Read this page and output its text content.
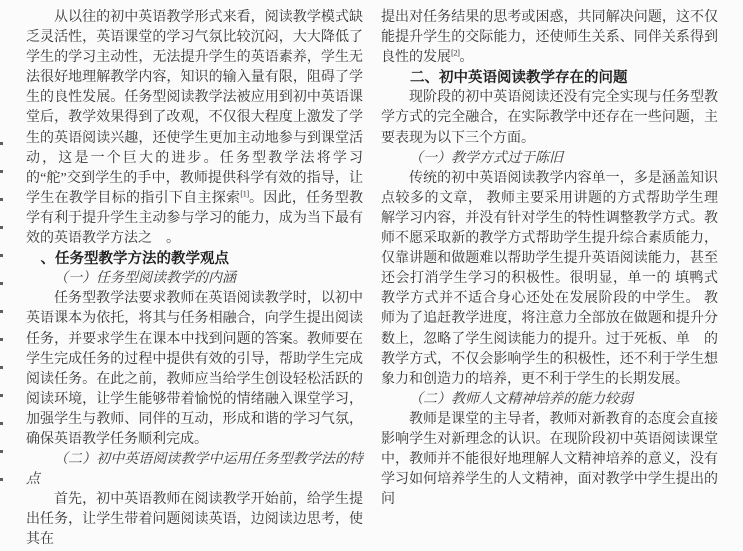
从以往的初中英语教学形式来看，阅读教学模式缺乏灵活性，英语课堂的学习气氛比较沉闷，大大降低了学生的学习主动性，无法提升学生的英语素养，学生无法很好地理解教学内容，知识的输入量有限，阻碍了学生的良性发展。任务型阅读教学法被应用到初中英语课堂后，教学效果得到了改观，不仅很大程度上激发了学生的英语阅读兴趣，还使学生更加主动地参与到课堂活动，这是一个巨大的进步。任务型教学法将学习的“舵”交到学生的手中，教师提供科学有效的指导，让学生在教学目标的指引下自主探索[1]。因此，任务型教学有利于提升学生主动参与学习的能力，成为当下最有效的英语教学方法之　。

、任务型教学方法的教学观点

（一）任务型阅读教学的内涵

任务型教学法要求教师在英语阅读教学时，以初中英语课本为依托，将其与任务相融合，向学生提出阅读任务，并要求学生在课本中找到问题的答案。教师要在学生完成任务的过程中提供有效的引导，帮助学生完成阅读任务。在此之前，教师应当给学生创设轻松活跃的阅读环境，让学生能够带着愉悦的情绪融入课堂学习，加强学生与教师、同伴的互动，形成和谐的学习气氛，确保英语教学任务顺利完成。

（二）初中英语阅读教学中运用任务型教学法的特点

首先，初中英语教师在阅读教学开始前，给学生提出任务，让学生带着问题阅读英语，边阅读边思考，使其在

提出对任务结果的思考或困惑，共同解决问题，这不仅能提升学生的交际能力，还使师生关系、同伴关系得到良性的发展[2]。

二、初中英语阅读教学存在的问题

现阶段的初中英语阅读还没有完全实现与任务型教学方式的完全融合，在实际教学中还存在一些问题，主要表现为以下三个方面。

（一）教学方式过于陈旧

传统的初中英语阅读教学内容单一，多是涵盖知识点较多的文章， 教师主要采用讲题的方式帮助学生理解学习内容，并没有针对学生的特性调整教学方式。教师不愿采取新的教学方式帮助学生提升综合素质能力，仅靠讲题和做题难以帮助学生提升英语阅读能力，甚至还会打消学生学习的积极性。很明显，单一的 填鸭式 教学方式并不适合身心还处在发展阶段的中学生。 教师为了追赶教学进度，将注意力全部放在做题和提升分数上，忽略了学生阅读能力的提升。过于死板、单　的教学方式，不仅会影响学生的积极性，还不利于学生想象力和创造力的培养，更不利于学生的长期发展。

（二）教师人文精神培养的能力较弱

教师是课堂的主导者，教师对新教育的态度会直接影响学生对新理念的认识。在现阶段初中英语阅读课堂中，教师并不能很好地理解人文精神培养的意义，没有学习如何培养学生的人文精神，面对教学中学生提出的问
